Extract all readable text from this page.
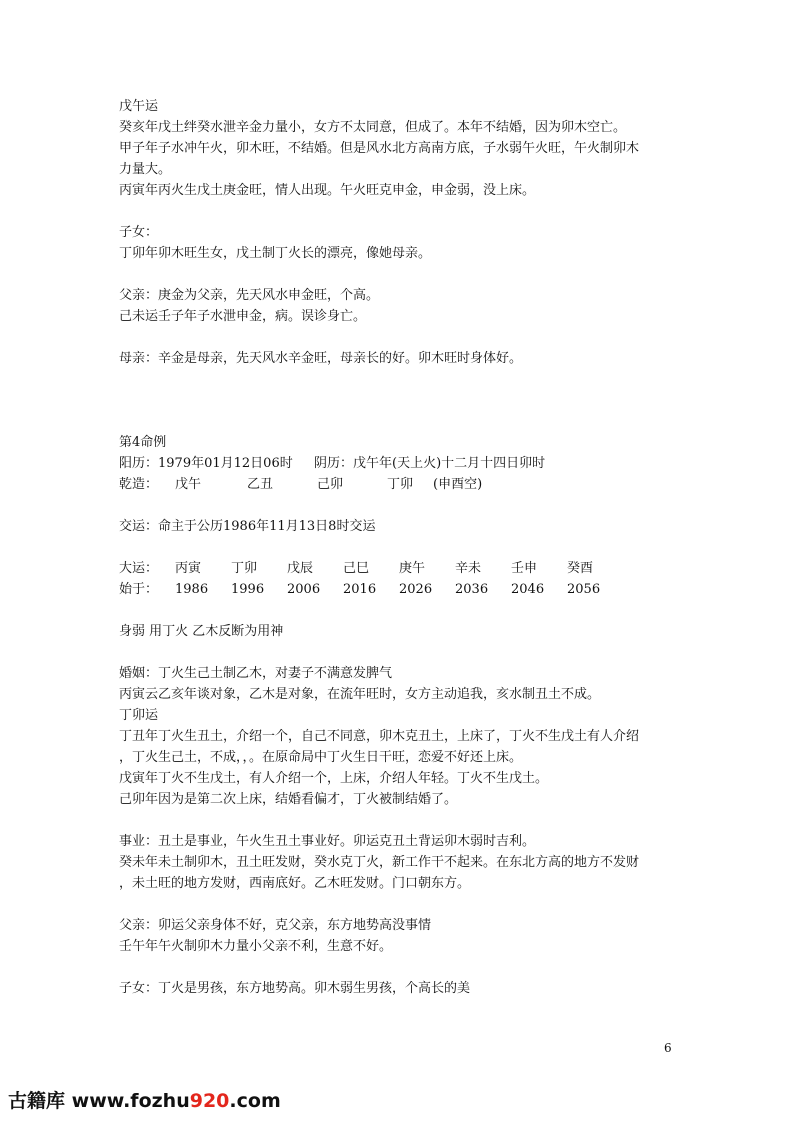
戊午运
癸亥年戊土绊癸水泄辛金力量小，女方不太同意，但成了。本年不结婚，因为卯木空亡。
甲子年子水冲午火，卯木旺，不结婚。但是风水北方高南方底，子水弱午火旺，午火制卯木
力量大。
丙寅年丙火生戊土庚金旺，情人出现。午火旺克申金，申金弱，没上床。
子女：
丁卯年卯木旺生女，戊土制丁火长的漂亮，像她母亲。
父亲：庚金为父亲，先天风水申金旺，个高。
己未运壬子年子水泄申金，病。误诊身亡。
母亲：辛金是母亲，先天风水辛金旺，母亲长的好。卯木旺时身体好。
第4命例
阳历：1979年01月12日06时 阴历：戊午年(天上火)十二月十四日卯时
乾造： 戊午	乙丑	己卯	丁卯 (申酉空)
交运：命主于公历1986年11月13日8时交运
大运： 丙寅 丁卯 戊辰 己巳 庚午 辛未 壬申 癸酉
始于： 1986 1996 2006 2016 2026 2036 2046 2056
身弱 用丁火 乙木反断为用神
婚姻：丁火生己土制乙木，对妻子不满意发脾气
丙寅云乙亥年谈对象，乙木是对象，在流年旺时，女方主动追我，亥水制丑土不成。
丁卯运
丁丑年丁火生丑土，介绍一个，自己不同意，卯木克丑土，上床了，丁火不生戊土有人介绍
，丁火生己土，不成，，。在原命局中丁火生日干旺，恋爱不好还上床。
戊寅年丁火不生戊土，有人介绍一个，上床，介绍人年轻。丁火不生戊土。
己卯年因为是第二次上床，结婚看偏才，丁火被制结婚了。
事业：丑土是事业，午火生丑土事业好。卯运克丑土背运卯木弱时吉利。
癸未年未土制卯木，丑土旺发财，癸水克丁火，新工作干不起来。在东北方高的地方不发财
，未土旺的地方发财，西南底好。乙木旺发财。门口朝东方。
父亲：卯运父亲身体不好，克父亲，东方地势高没事情
壬午年午火制卯木力量小父亲不利，生意不好。
子女：丁火是男孩，东方地势高。卯木弱生男孩，个高长的美
6
古籍库 www.fozhu920.com
